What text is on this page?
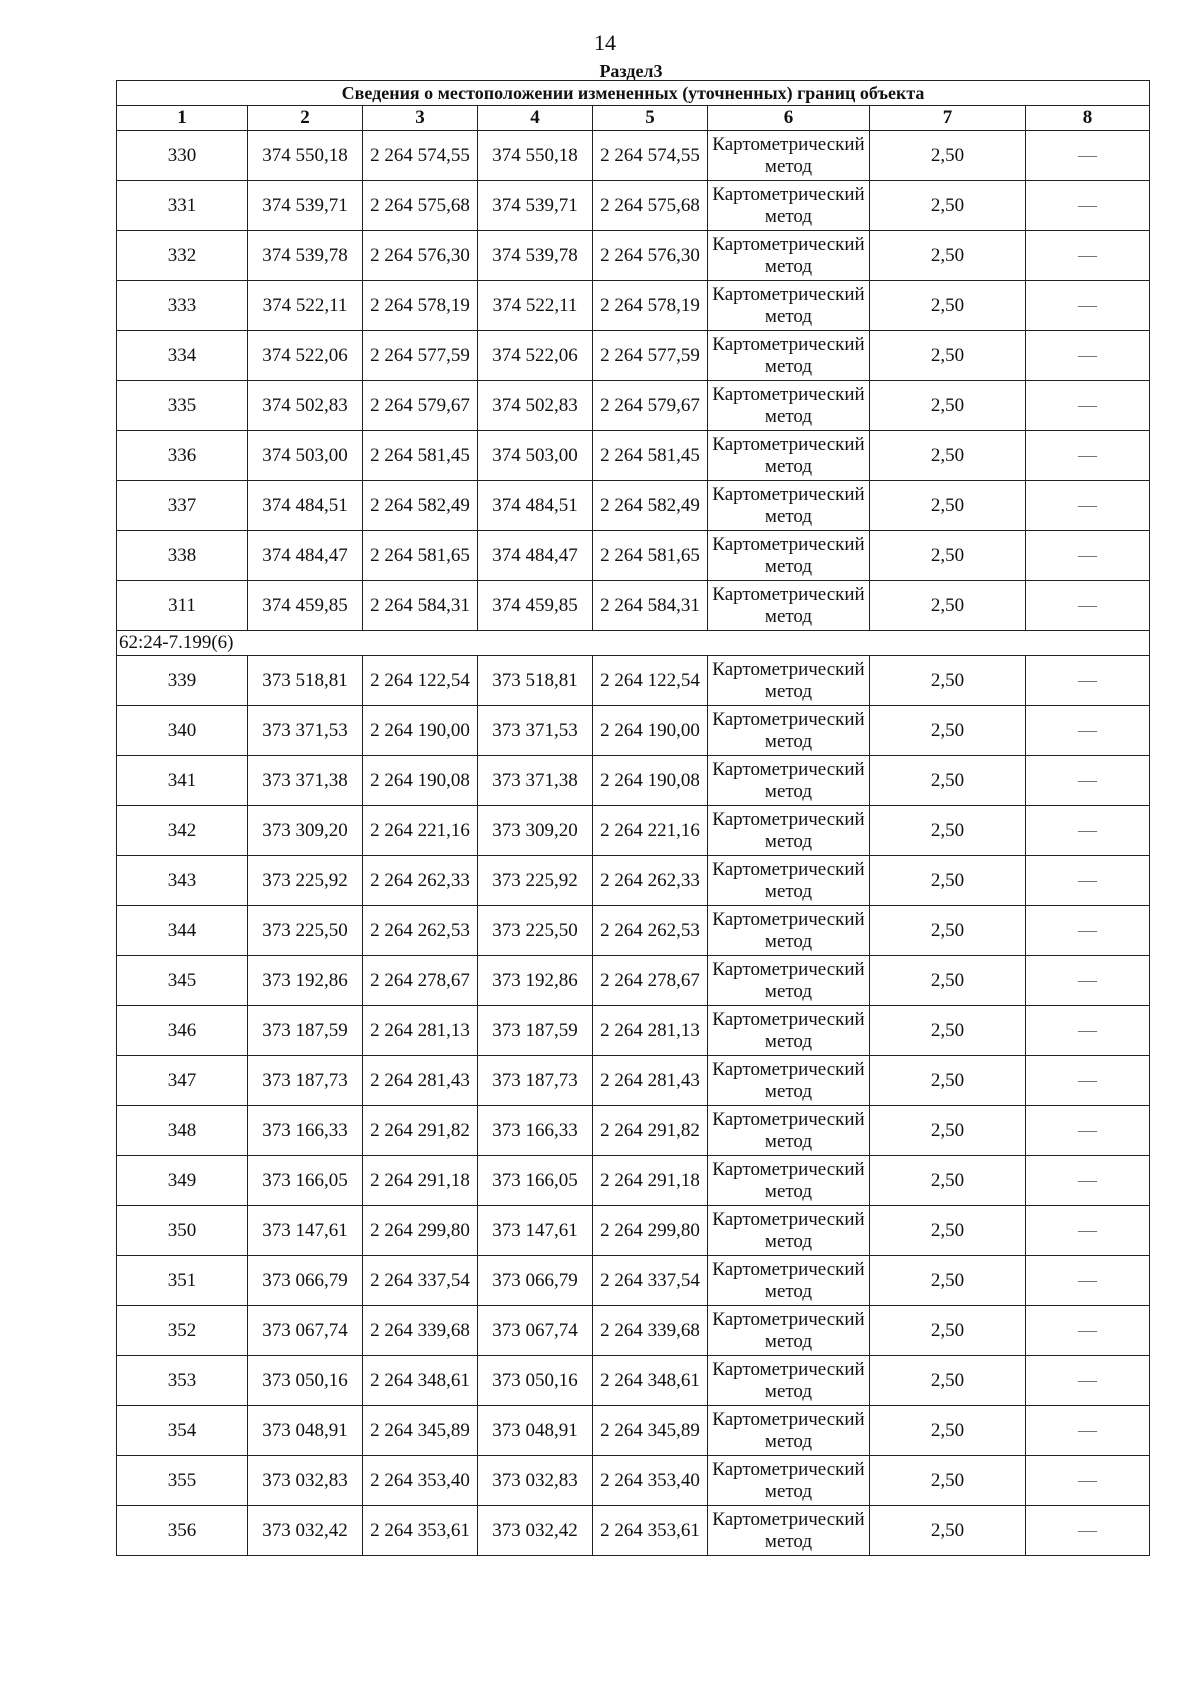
14
Раздел3
Сведения о местоположении измененных (уточненных) границ объекта							
1	2	3	4	5	6	7	8
330	374 550,18	2 264 574,55	374 550,18	2 264 574,55	Картометрический метод	2,50	—
331	374 539,71	2 264 575,68	374 539,71	2 264 575,68	Картометрический метод	2,50	—
332	374 539,78	2 264 576,30	374 539,78	2 264 576,30	Картометрический метод	2,50	—
333	374 522,11	2 264 578,19	374 522,11	2 264 578,19	Картометрический метод	2,50	—
334	374 522,06	2 264 577,59	374 522,06	2 264 577,59	Картометрический метод	2,50	—
335	374 502,83	2 264 579,67	374 502,83	2 264 579,67	Картометрический метод	2,50	—
336	374 503,00	2 264 581,45	374 503,00	2 264 581,45	Картометрический метод	2,50	—
337	374 484,51	2 264 582,49	374 484,51	2 264 582,49	Картометрический метод	2,50	—
338	374 484,47	2 264 581,65	374 484,47	2 264 581,65	Картометрический метод	2,50	—
311	374 459,85	2 264 584,31	374 459,85	2 264 584,31	Картометрический метод	2,50	—
62:24-7.199(6)							
339	373 518,81	2 264 122,54	373 518,81	2 264 122,54	Картометрический метод	2,50	—
340	373 371,53	2 264 190,00	373 371,53	2 264 190,00	Картометрический метод	2,50	—
341	373 371,38	2 264 190,08	373 371,38	2 264 190,08	Картометрический метод	2,50	—
342	373 309,20	2 264 221,16	373 309,20	2 264 221,16	Картометрический метод	2,50	—
343	373 225,92	2 264 262,33	373 225,92	2 264 262,33	Картометрический метод	2,50	—
344	373 225,50	2 264 262,53	373 225,50	2 264 262,53	Картометрический метод	2,50	—
345	373 192,86	2 264 278,67	373 192,86	2 264 278,67	Картометрический метод	2,50	—
346	373 187,59	2 264 281,13	373 187,59	2 264 281,13	Картометрический метод	2,50	—
347	373 187,73	2 264 281,43	373 187,73	2 264 281,43	Картометрический метод	2,50	—
348	373 166,33	2 264 291,82	373 166,33	2 264 291,82	Картометрический метод	2,50	—
349	373 166,05	2 264 291,18	373 166,05	2 264 291,18	Картометрический метод	2,50	—
350	373 147,61	2 264 299,80	373 147,61	2 264 299,80	Картометрический метод	2,50	—
351	373 066,79	2 264 337,54	373 066,79	2 264 337,54	Картометрический метод	2,50	—
352	373 067,74	2 264 339,68	373 067,74	2 264 339,68	Картометрический метод	2,50	—
353	373 050,16	2 264 348,61	373 050,16	2 264 348,61	Картометрический метод	2,50	—
354	373 048,91	2 264 345,89	373 048,91	2 264 345,89	Картометрический метод	2,50	—
355	373 032,83	2 264 353,40	373 032,83	2 264 353,40	Картометрический метод	2,50	—
356	373 032,42	2 264 353,61	373 032,42	2 264 353,61	Картометрический метод	2,50	—
